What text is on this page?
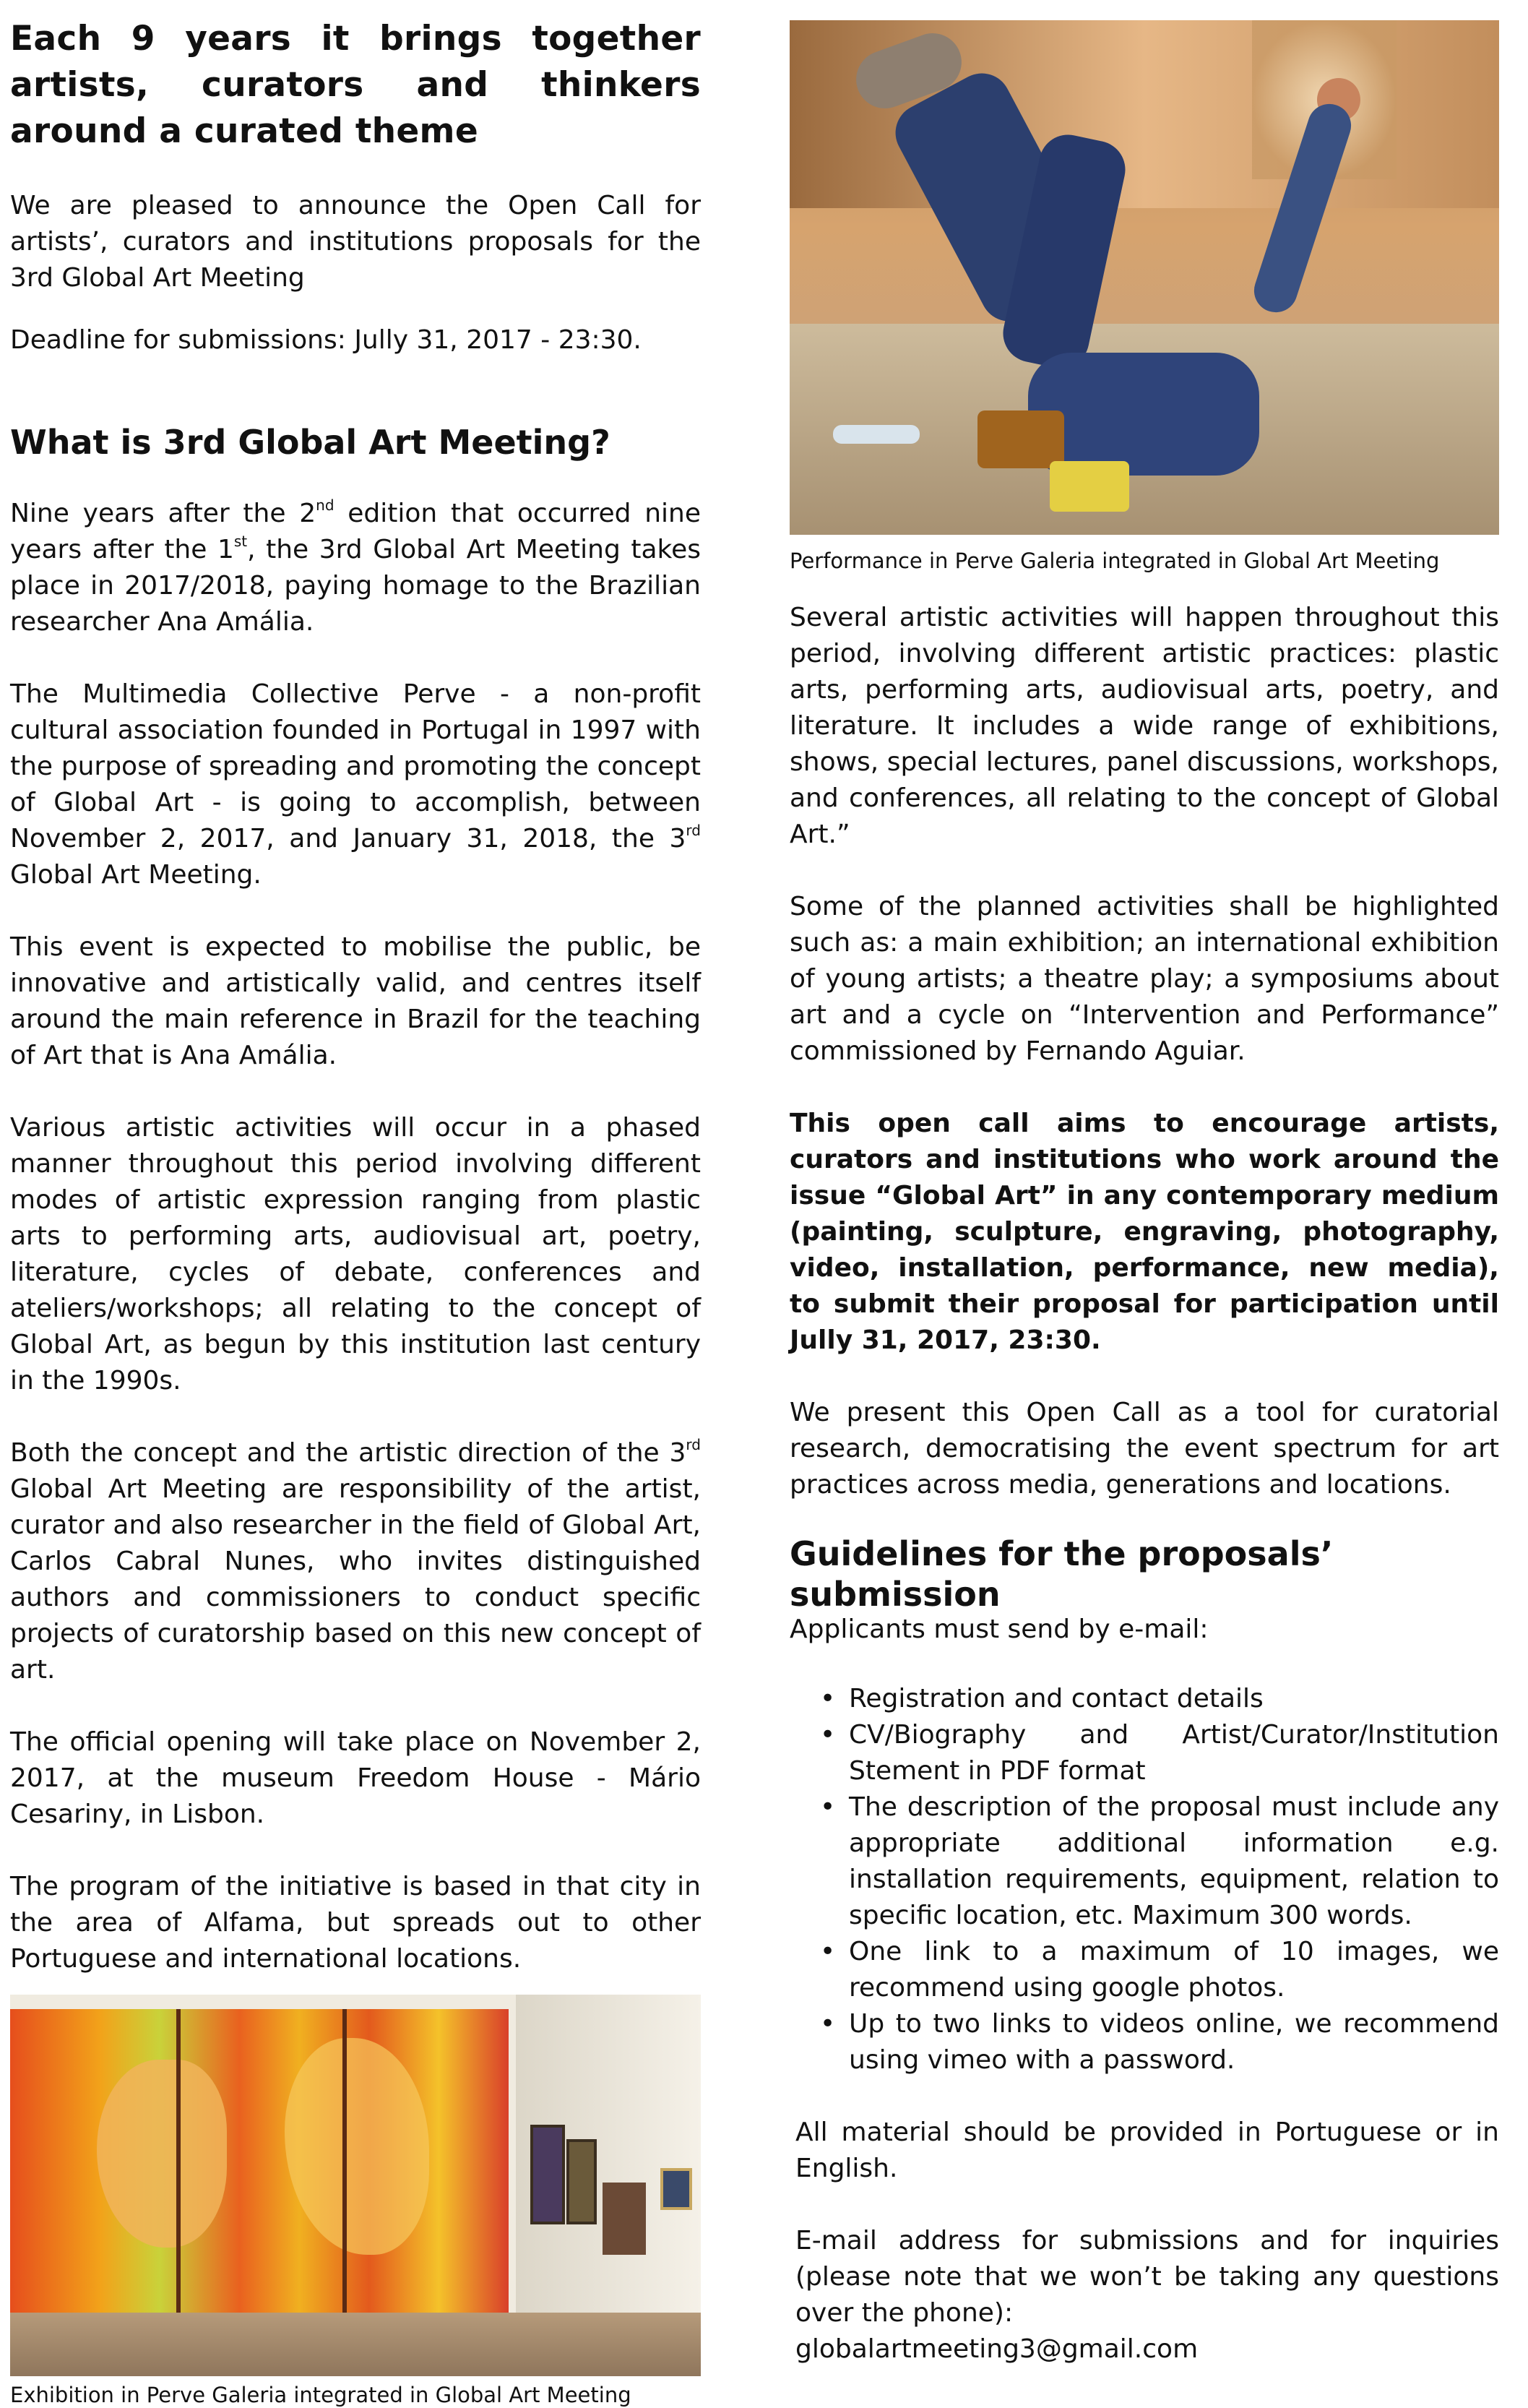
Each 9 years it brings together artists, curators and thinkers around a curated theme

We are pleased to announce the Open Call for artists’, curators and institutions proposals for the 3rd Global Art Meeting

Deadline for submissions: Jully 31, 2017 - 23:30.

What is 3rd Global Art Meeting?

Nine years after the 2nd edition that occurred nine years after the 1st, the 3rd Global Art Meeting takes place in 2017/2018, paying homage to the Brazilian researcher Ana Amália.

The Multimedia Collective Perve - a non-profit cultural association founded in Portugal in 1997 with the purpose of spreading and promoting the concept of Global Art - is going to accomplish, between November 2, 2017, and January 31, 2018, the 3rd Global Art Meeting.

This event is expected to mobilise the public, be innovative and artistically valid, and centres itself around the main reference in Brazil for the teaching of Art that is Ana Amália.

Various artistic activities will occur in a phased manner throughout this period involving different modes of artistic expression ranging from plastic arts to performing arts, audiovisual art, poetry, literature, cycles of debate, conferences and ateliers/workshops; all relating to the concept of Global Art, as begun by this institution last century in the 1990s.

Both the concept and the artistic direction of the 3rd Global Art Meeting are responsibility of the artist, curator and also researcher in the field of Global Art, Carlos Cabral Nunes, who invites distinguished authors and commissioners to conduct specific projects of curatorship based on this new concept of art.

The official opening will take place on November 2, 2017, at the museum Freedom House - Mário Cesariny, in Lisbon.

The program of the initiative is based in that city in the area of Alfama, but spreads out to other Portuguese and international locations.

Exhibition in Perve Galeria integrated in Global Art Meeting

Performance in Perve Galeria integrated in Global Art Meeting

Several artistic activities will happen throughout this period, involving different artistic practices: plastic arts, performing arts, audiovisual arts, poetry, and literature. It includes a wide range of exhibitions, shows, special lectures, panel discussions, workshops, and conferences, all relating to the concept of Global Art.”

Some of the planned activities shall be highlighted such as: a main exhibition; an international exhibition of young artists; a theatre play; a symposiums about art and a cycle on “Intervention and Performance” commissioned by Fernando Aguiar.

This open call aims to encourage artists, curators and institutions who work around the issue “Global Art” in any contemporary medium (painting, sculpture, engraving, photography, video, installation, performance, new media), to submit their proposal for participation until Jully 31, 2017, 23:30.

We present this Open Call as a tool for curatorial research, democratising the event spectrum for art practices across media, generations and locations.

Guidelines for the proposals’ submission

Applicants must send by e-mail:

• Registration and contact details
• CV/Biography and Artist/Curator/Institution Stement in PDF format
• The description of the proposal must include any appropriate additional information e.g. installation requirements, equipment, relation to specific location, etc. Maximum 300 words.
• One link to a maximum of 10 images, we recommend using google photos.
• Up to two links to videos online, we recommend using vimeo with a password.

All material should be provided in Portuguese or in English.

E-mail address for submissions and for inquiries (please note that we won’t be taking any questions over the phone):

globalartmeeting3@gmail.com
